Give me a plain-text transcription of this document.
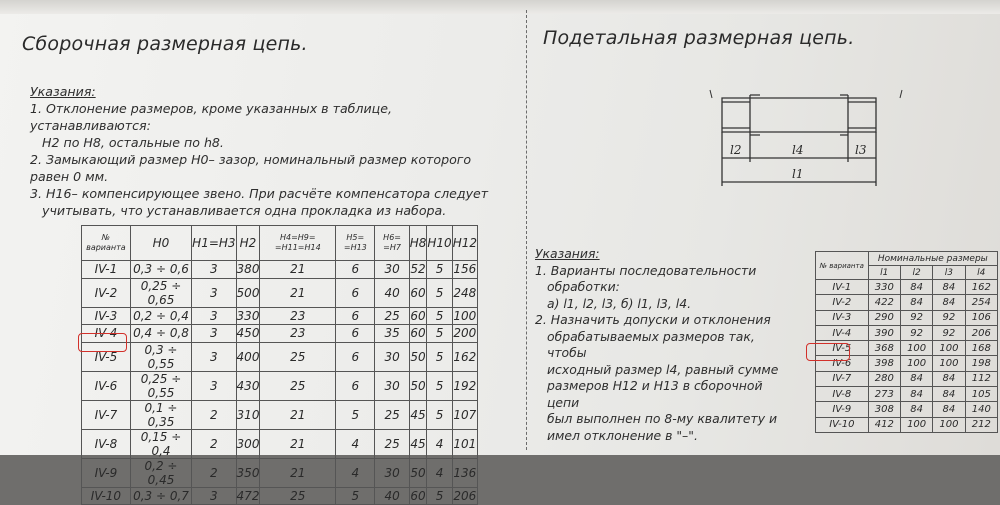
Сборочная размерная цепь.
Указания:
1. Отклонение размеров, кроме указанных в таблице, устанавливаются:
H2 по H8, остальные по h8.
2. Замыкающий размер H0– зазор, номинальный размер которого равен 0 мм.
3. H16– компенсирующее звено. При расчёте компенсатора следует
учитывать, что устанавливается одна прокладка из набора.
№ варианта	H0	H1=H3	H2	H4=H9= =H11=H14	H5= =H13	H6= =H7	H8	H10	H12
IV-1	0,3 ÷ 0,6	3	380	21	6	30	52	5	156
IV-2	0,25 ÷ 0,65	3	500	21	6	40	60	5	248
IV-3	0,2 ÷ 0,4	3	330	23	6	25	60	5	100
IV-4	0,4 ÷ 0,8	3	450	23	6	35	60	5	200
IV-5	0,3 ÷ 0,55	3	400	25	6	30	50	5	162
IV-6	0,25 ÷ 0,55	3	430	25	6	30	50	5	192
IV-7	0,1 ÷ 0,35	2	310	21	5	25	45	5	107
IV-8	0,15 ÷ 0,4	2	300	21	4	25	45	4	101
IV-9	0,2 ÷ 0,45	2	350	21	4	30	50	4	136
IV-10	0,3 ÷ 0,7	3	472	25	5	40	60	5	206
Подетальная размерная цепь.
l2	l4	l3
l1
Указания:
1. Варианты последовательности
обработки:
а) l1, l2, l3, б) l1, l3, l4.
2. Назначить допуски и отклонения
обрабатываемых размеров так, чтобы
исходный размер l4, равный сумме
размеров H12 и H13 в сборочной цепи
был выполнен по 8-му квалитету и
имел отклонение в "–".
№ варианта	Номинальные размеры			
	l1	l2	l3	l4
IV-1	330	84	84	162
IV-2	422	84	84	254
IV-3	290	92	92	106
IV-4	390	92	92	206
IV-5	368	100	100	168
IV-6	398	100	100	198
IV-7	280	84	84	112
IV-8	273	84	84	105
IV-9	308	84	84	140
IV-10	412	100	100	212
